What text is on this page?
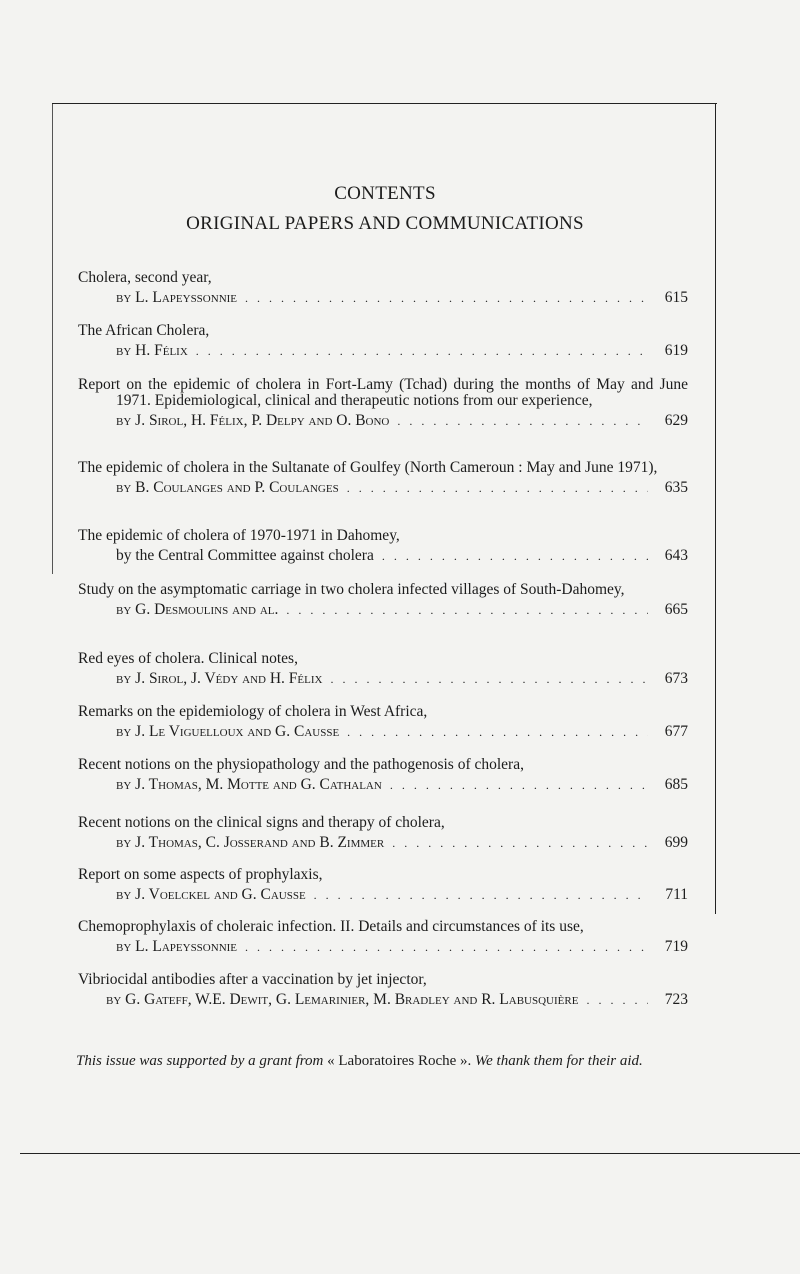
CONTENTS
ORIGINAL PAPERS AND COMMUNICATIONS
Cholera, second year,
by L. Lapeyssonnie . . .	615
The African Cholera,
by H. Félix . . .	619
Report on the epidemic of cholera in Fort-Lamy (Tchad) during the months of May and June 1971. Epidemiological, clinical and therapeutic notions from our experience,
by J. Sirol, H. Félix, P. Delpy and O. Bono . . .	629
The epidemic of cholera in the Sultanate of Goulfey (North Cameroun : May and June 1971),
by B. Coulanges and P. Coulanges . . .	635
The epidemic of cholera of 1970-1971 in Dahomey,
by the Central Committee against cholera . . .	643
Study on the asymptomatic carriage in two cholera infected villages of South-Dahomey,
by G. Desmoulins and al. . . .	665
Red eyes of cholera. Clinical notes,
by J. Sirol, J. Védy and H. Félix . . .	673
Remarks on the epidemiology of cholera in West Africa,
by J. Le Viguelloux and G. Causse . . .	677
Recent notions on the physiopathology and the pathogenosis of cholera,
by J. Thomas, M. Motte and G. Cathalan . . .	685
Recent notions on the clinical signs and therapy of cholera,
by J. Thomas, C. Josserand and B. Zimmer . . .	699
Report on some aspects of prophylaxis,
by J. Voelckel and G. Causse . . .	711
Chemoprophylaxis of choleraic infection. II. Details and circumstances of its use,
by L. Lapeyssonnie . . .	719
Vibriocidal antibodies after a vaccination by jet injector,
by G. Gateff, W.E. Dewit, G. Lemarinier, M. Bradley and R. Labusquière . . .	723
This issue was supported by a grant from « Laboratoires Roche ». We thank them for their aid.
